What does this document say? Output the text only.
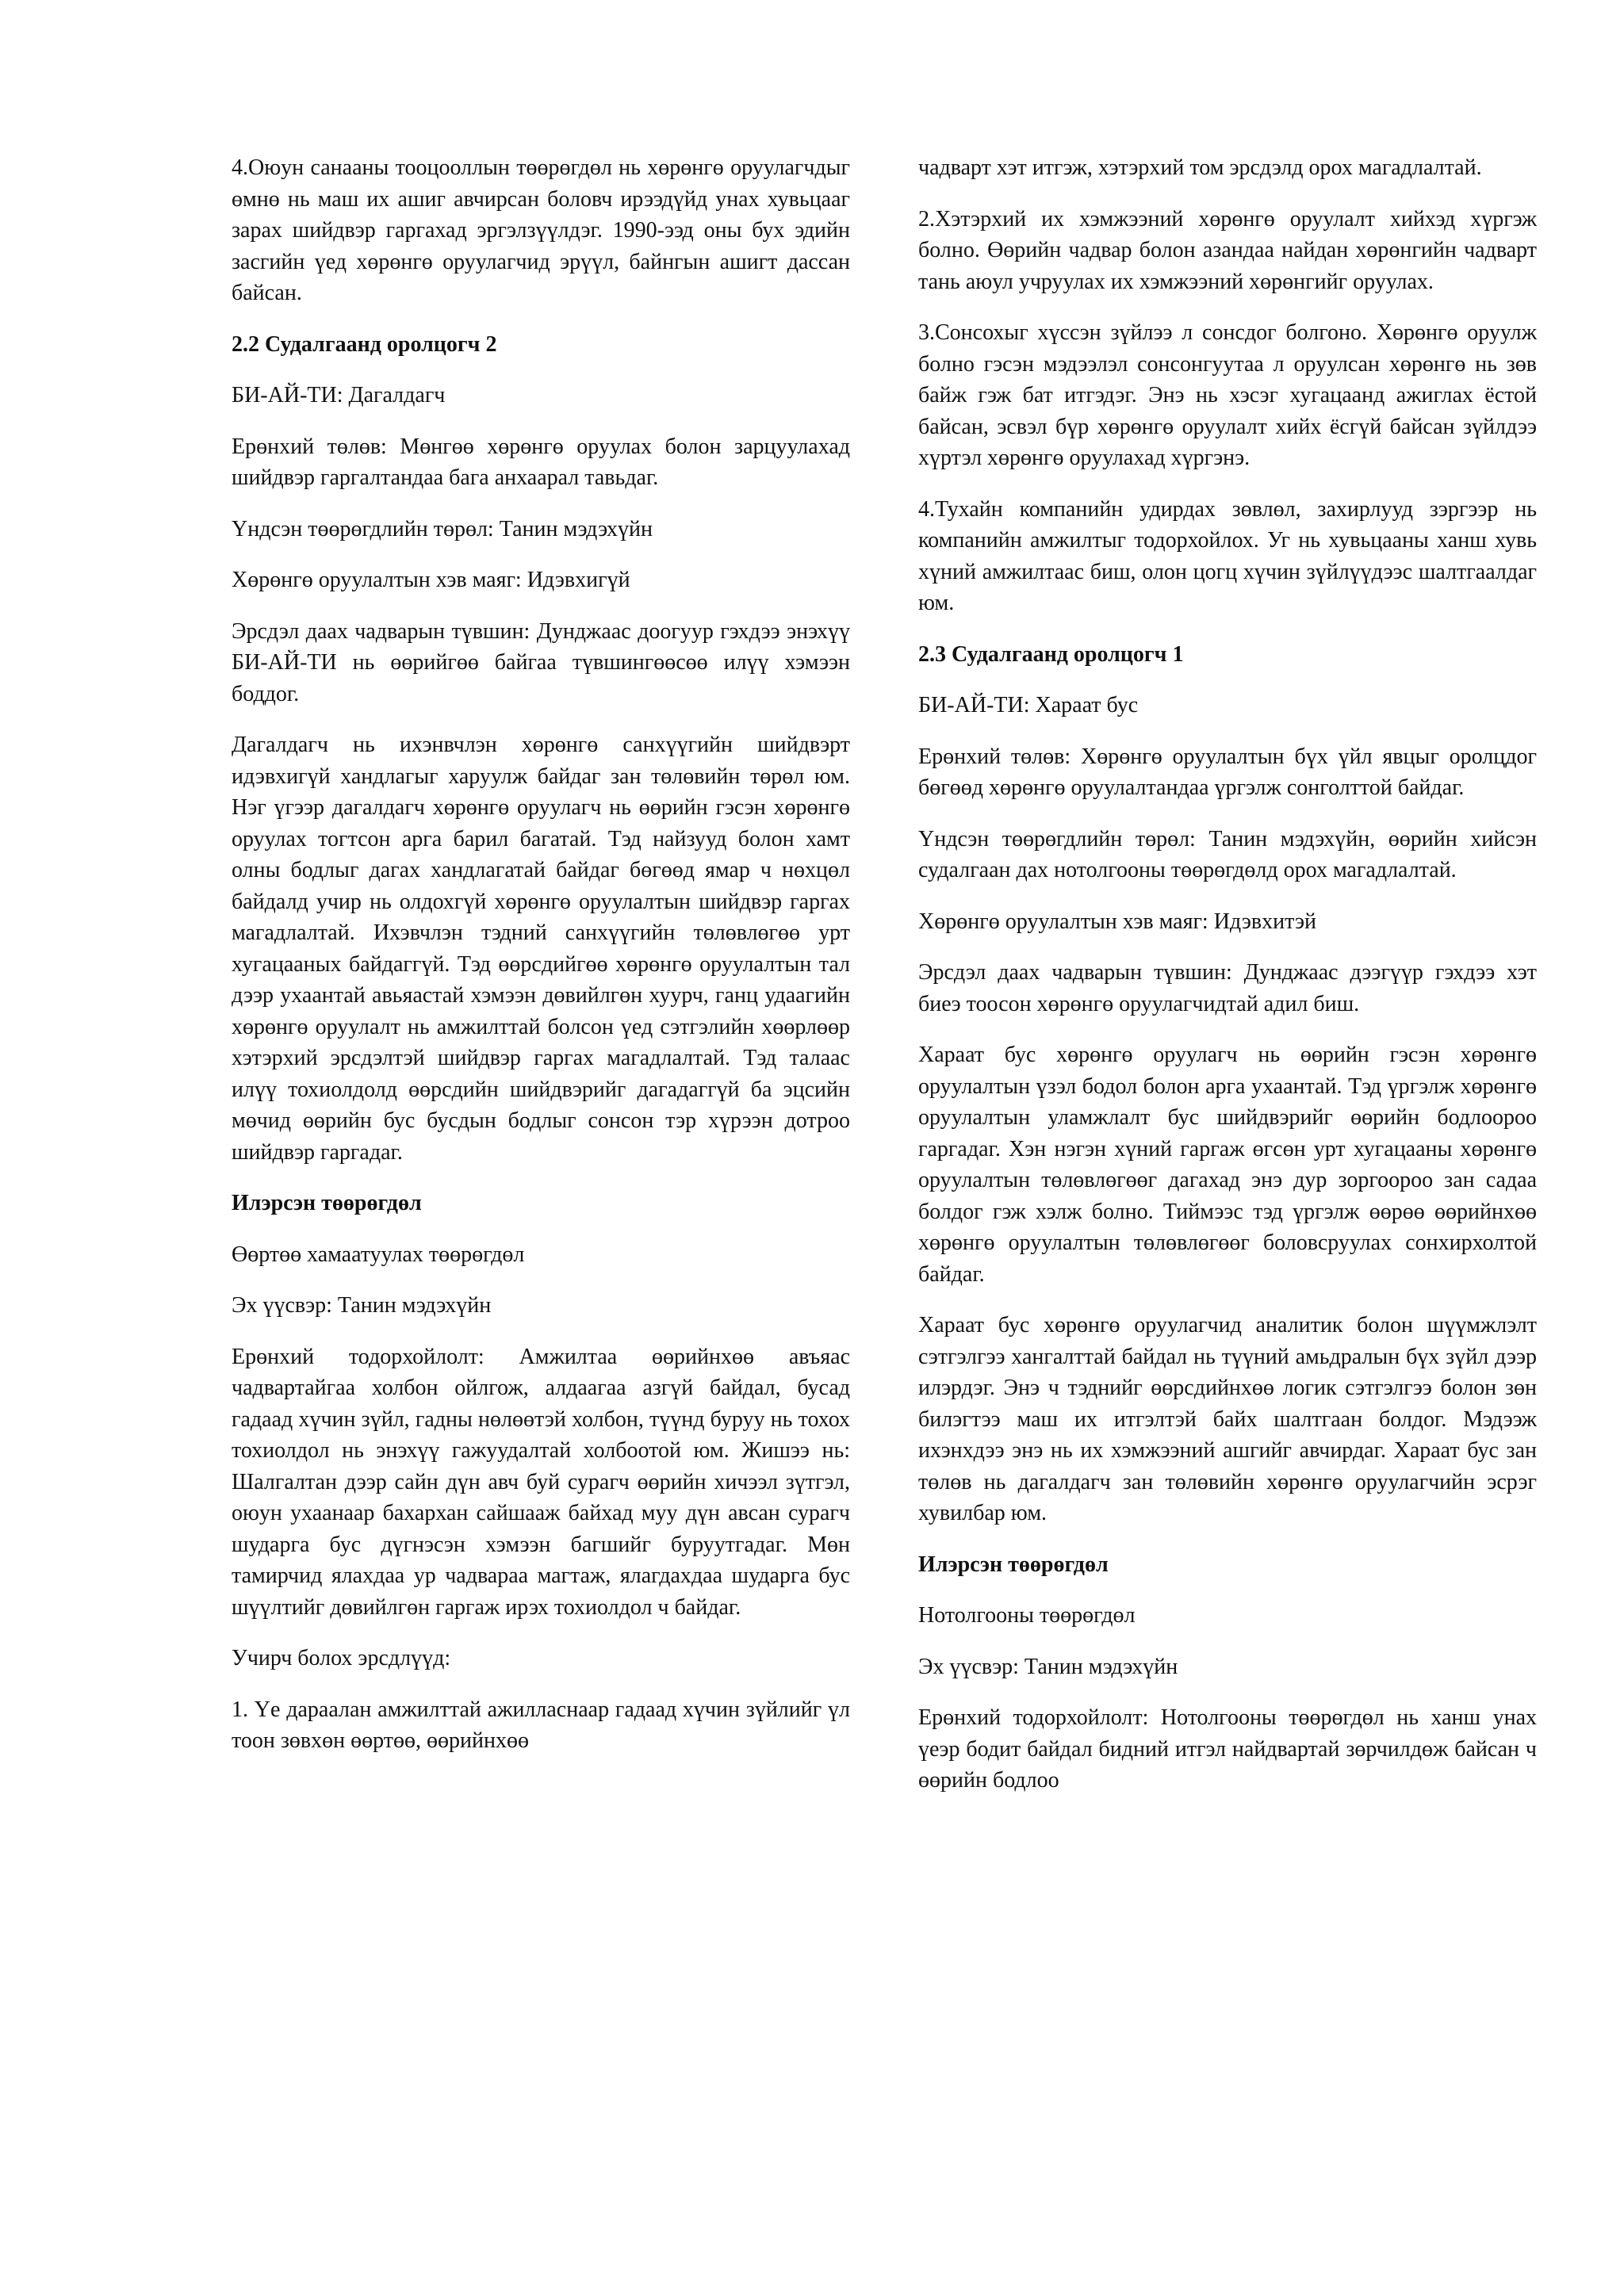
4.Оюун санааны тооцооллын төөрөгдөл нь хөрөнгө оруулагчдыг өмнө нь маш их ашиг авчирсан боловч ирээдүйд унах хувьцааг зарах шийдвэр гаргахад эргэлзүүлдэг. 1990-ээд оны бух эдийн засгийн үед хөрөнгө оруулагчид эрүүл, байнгын ашигт дассан байсан.

2.2 Судалгаанд оролцогч 2

БИ-АЙ-ТИ: Дагалдагч

Ерөнхий төлөв: Мөнгөө хөрөнгө оруулах болон зарцуулахад шийдвэр гаргалтандаа бага анхаарал тавьдаг.

Үндсэн төөрөгдлийн төрөл: Танин мэдэхүйн

Хөрөнгө оруулалтын хэв маяг: Идэвхигүй

Эрсдэл даах чадварын түвшин: Дунджаас доогуур гэхдээ энэхүү БИ-АЙ-ТИ нь өөрийгөө байгаа түвшингөөсөө илүү хэмээн боддог.

Дагалдагч нь ихэнвчлэн хөрөнгө санхүүгийн шийдвэрт идэвхигүй хандлагыг харуулж байдаг зан төлөвийн төрөл юм. Нэг үгээр дагалдагч хөрөнгө оруулагч нь өөрийн гэсэн хөрөнгө оруулах тогтсон арга барил багатай. Тэд найзууд болон хамт олны бодлыг дагах хандлагатай байдаг бөгөөд ямар ч нөхцөл байдалд учир нь олдохгүй хөрөнгө оруулалтын шийдвэр гаргах магадлалтай. Ихэвчлэн тэдний санхүүгийн төлөвлөгөө урт хугацааных байдаггүй. Тэд өөрсдийгөө хөрөнгө оруулалтын тал дээр ухаантай авьяастай хэмээн дөвийлгөн хуурч, ганц удаагийн хөрөнгө оруулалт нь амжилттай болсон үед сэтгэлийн хөөрлөөр хэтэрхий эрсдэлтэй шийдвэр гаргах магадлалтай. Тэд талаас илүү тохиолдолд өөрсдийн шийдвэрийг дагадаггүй ба эцсийн мөчид өөрийн бус бусдын бодлыг сонсон тэр хүрээн дотроо шийдвэр гаргадаг.

Илэрсэн төөрөгдөл

Өөртөө хамаатуулах төөрөгдөл

Эх үүсвэр: Танин мэдэхүйн

Ерөнхий тодорхойлолт: Амжилтаа өөрийнхөө авъяас чадвартайгаа холбон ойлгож, алдаагаа азгүй байдал, бусад гадаад хүчин зүйл, гадны нөлөөтэй холбон, түүнд буруу нь тохох тохиолдол нь энэхүү гажуудалтай холбоотой юм. Жишээ нь: Шалгалтан дээр сайн дүн авч буй сурагч өөрийн хичээл зүтгэл, оюун ухаанаар бахархан сайшааж байхад муу дүн авсан сурагч шударга бус дүгнэсэн хэмээн багшийг буруутгадаг. Мөн тамирчид ялахдаа ур чадвараа магтаж, ялагдахдаа шударга бус шүүлтийг дөвийлгөн гаргаж ирэх тохиолдол ч байдаг.

Учирч болох эрсдлүүд:

1. Үе дараалан амжилттай ажилласнаар гадаад хүчин зүйлийг үл тоон зөвхөн өөртөө, өөрийнхөө

чадварт хэт итгэж, хэтэрхий том эрсдэлд орох магадлалтай.

2.Хэтэрхий их хэмжээний хөрөнгө оруулалт хийхэд хүргэж болно. Өөрийн чадвар болон азандаа найдан хөрөнгийн чадварт тань аюул учруулах их хэмжээний хөрөнгийг оруулах.

3.Сонсохыг хүссэн зүйлээ л сонсдог болгоно. Хөрөнгө оруулж болно гэсэн мэдээлэл сонсонгуутаа л оруулсан хөрөнгө нь зөв байж гэж бат итгэдэг. Энэ нь хэсэг хугацаанд ажиглах ёстой байсан, эсвэл бүр хөрөнгө оруулалт хийх ёсгүй байсан зүйлдээ хүртэл хөрөнгө оруулахад хүргэнэ.

4.Тухайн компанийн удирдах зөвлөл, захирлууд зэргээр нь компанийн амжилтыг тодорхойлох. Уг нь хувьцааны ханш хувь хүний амжилтаас биш, олон цогц хүчин зүйлүүдээс шалтгаалдаг юм.

2.3 Судалгаанд оролцогч 1

БИ-АЙ-ТИ: Хараат бус

Ерөнхий төлөв: Хөрөнгө оруулалтын бүх үйл явцыг оролцдог бөгөөд хөрөнгө оруулалтандаа үргэлж сонголттой байдаг.

Үндсэн төөрөгдлийн төрөл: Танин мэдэхүйн, өөрийн хийсэн судалгаан дах нотолгооны төөрөгдөлд орох магадлалтай.

Хөрөнгө оруулалтын хэв маяг: Идэвхитэй

Эрсдэл даах чадварын түвшин: Дунджаас дээгүүр гэхдээ хэт биеэ тоосон хөрөнгө оруулагчидтай адил биш.

Хараат бус хөрөнгө оруулагч нь өөрийн гэсэн хөрөнгө оруулалтын үзэл бодол болон арга ухаантай. Тэд үргэлж хөрөнгө оруулалтын уламжлалт бус шийдвэрийг өөрийн бодлоороо гаргадаг. Хэн нэгэн хүний гаргаж өгсөн урт хугацааны хөрөнгө оруулалтын төлөвлөгөөг дагахад энэ дур зоргоороо зан садаа болдог гэж хэлж болно. Тиймээс тэд үргэлж өөрөө өөрийнхөө хөрөнгө оруулалтын төлөвлөгөөг боловсруулах сонхирхолтой байдаг.

Хараат бус хөрөнгө оруулагчид аналитик болон шүүмжлэлт сэтгэлгээ хангалттай байдал нь түүний амьдралын бүх зүйл дээр илэрдэг. Энэ ч тэднийг өөрсдийнхөө логик сэтгэлгээ болон зөн билэгтээ маш их итгэлтэй байх шалтгаан болдог. Мэдээж ихэнхдээ энэ нь их хэмжээний ашгийг авчирдаг. Хараат бус зан төлөв нь дагалдагч зан төлөвийн хөрөнгө оруулагчийн эсрэг хувилбар юм.

Илэрсэн төөрөгдөл

Нотолгооны төөрөгдөл

Эх үүсвэр: Танин мэдэхүйн

Ерөнхий тодорхойлолт: Нотолгооны төөрөгдөл нь ханш унах үеэр бодит байдал бидний итгэл найдвартай зөрчилдөж байсан ч өөрийн бодлоо
